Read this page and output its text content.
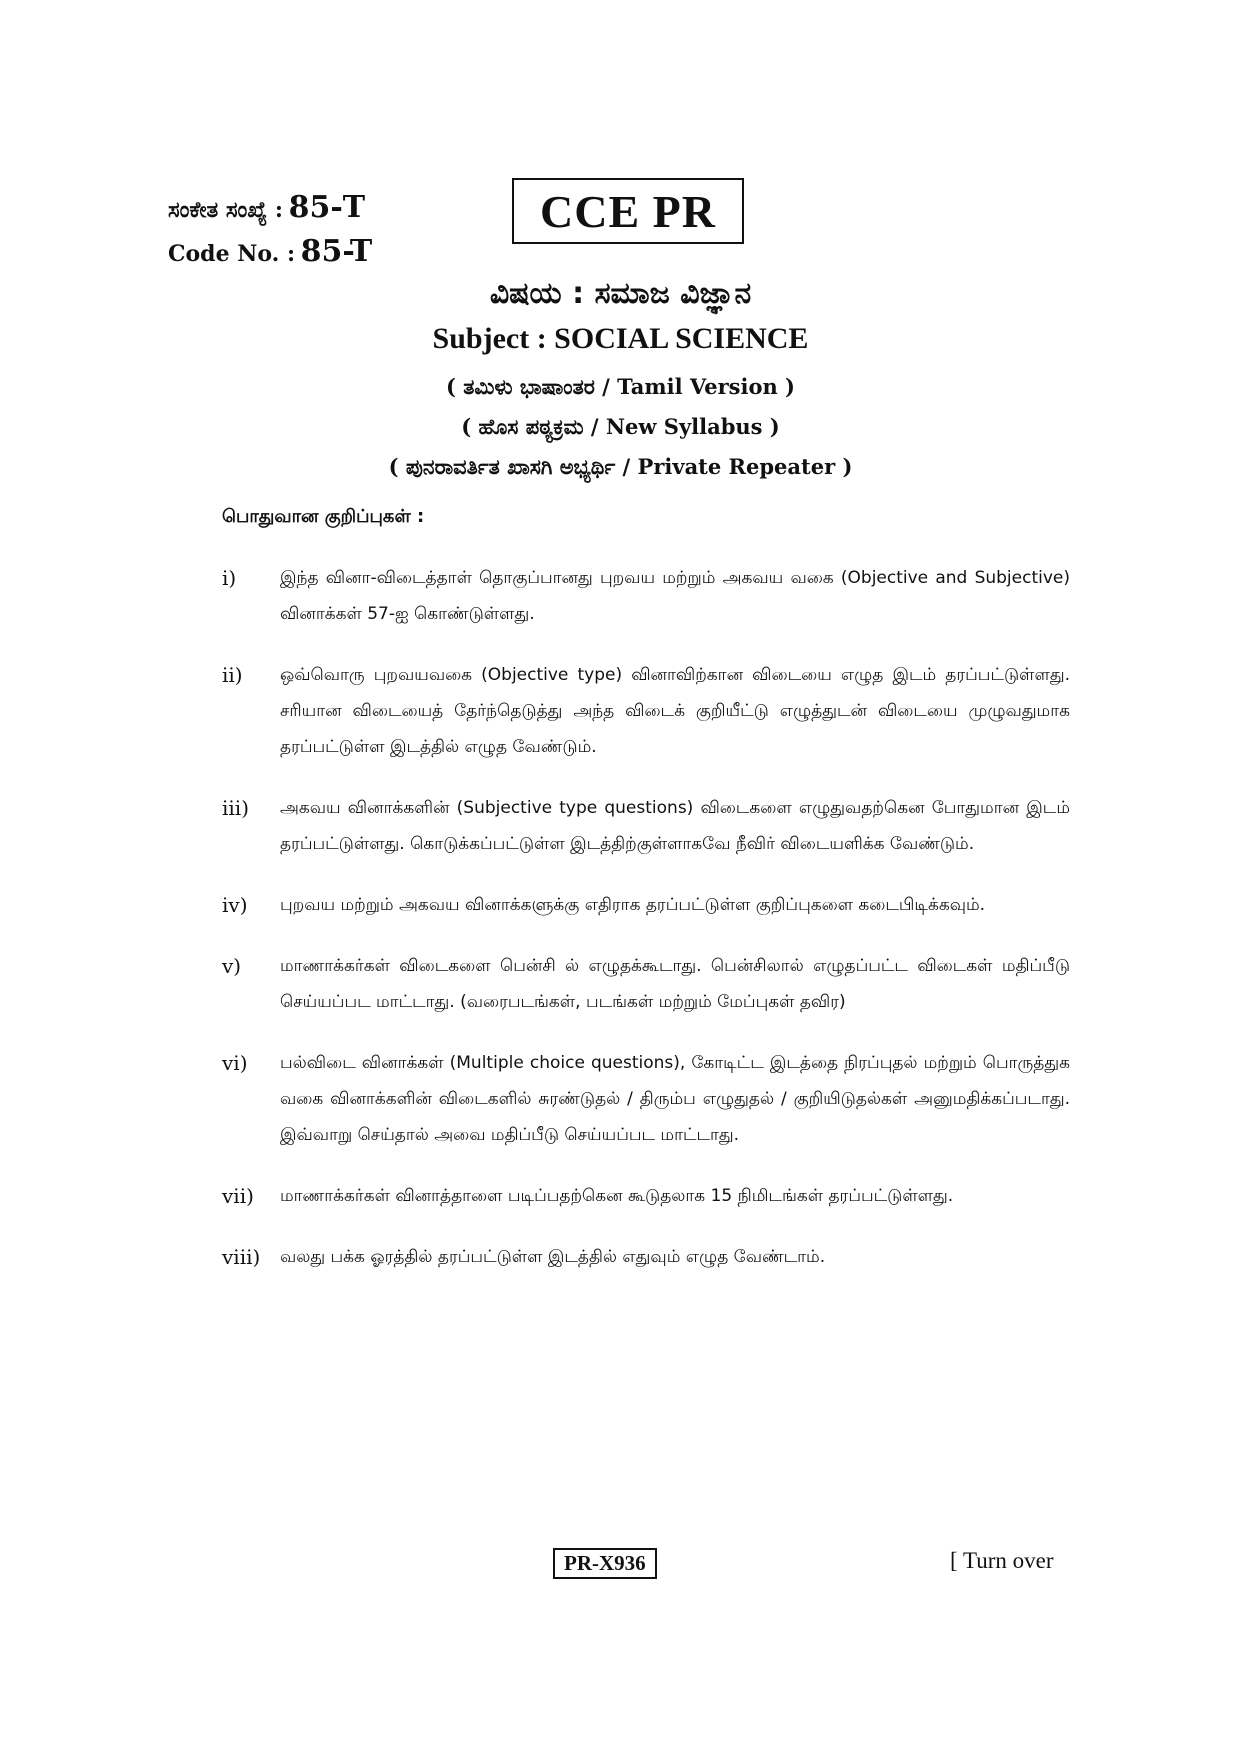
ಸಂಕೇತ ಸಂಖ್ಯೆ : 85-T
Code No. : 85-T
CCE PR
ವಿಷಯ : ಸಮಾಜ ವಿಜ್ಞಾನ
Subject : SOCIAL SCIENCE
( ತಮಿಳು ಭಾಷಾಂತರ / Tamil Version )
( ಹೊಸ ಪಠ್ಯಕ್ರಮ / New Syllabus )
( ಪುನರಾವರ್ತಿತ ಖಾಸಗಿ ಅಭ್ಯರ್ಥಿ / Private Repeater )
பொதுவான குறிப்புகள் :
i)	இந்த வினா-விடைத்தாள் தொகுப்பானது புறவய மற்றும் அகவய வகை (Objective and Subjective) வினாக்கள் 57-ஐ கொண்டுள்ளது.
ii)	ஒவ்வொரு புறவயவகை (Objective type) வினாவிற்கான விடையை எழுத இடம் தரப்பட்டுள்ளது. சரியான விடையைத் தேர்ந்தெடுத்து அந்த விடைக் குறியீட்டு எழுத்துடன் விடையை முழுவதுமாக தரப்பட்டுள்ள இடத்தில் எழுத வேண்டும்.
iii)	அகவய வினாக்களின் (Subjective type questions) விடைகளை எழுதுவதற்கென போதுமான இடம் தரப்பட்டுள்ளது. கொடுக்கப்பட்டுள்ள இடத்திற்குள்ளாகவே நீவிர் விடையளிக்க வேண்டும்.
iv)	புறவய மற்றும் அகவய வினாக்களுக்கு எதிராக தரப்பட்டுள்ள குறிப்புகளை கடைபிடிக்கவும்.
v)	மாணாக்கர்கள் விடைகளை பென்சி ல் எழுதக்கூடாது. பென்சிலால் எழுதப்பட்ட விடைகள் மதிப்பீடு செய்யப்பட மாட்டாது. (வரைபடங்கள், படங்கள் மற்றும் மேப்புகள் தவிர)
vi)	பல்விடை வினாக்கள் (Multiple choice questions), கோடிட்ட இடத்தை நிரப்புதல் மற்றும் பொருத்துக வகை வினாக்களின் விடைகளில் சுரண்டுதல் / திரும்ப எழுதுதல் / குறியிடுதல்கள் அனுமதிக்கப்படாது. இவ்வாறு செய்தால் அவை மதிப்பீடு செய்யப்பட மாட்டாது.
vii)	மாணாக்கர்கள் வினாத்தாளை படிப்பதற்கென கூடுதலாக 15 நிமிடங்கள் தரப்பட்டுள்ளது.
viii)	வலது பக்க ஓரத்தில் தரப்பட்டுள்ள இடத்தில் எதுவும் எழுத வேண்டாம்.
PR-X936	[ Turn over
